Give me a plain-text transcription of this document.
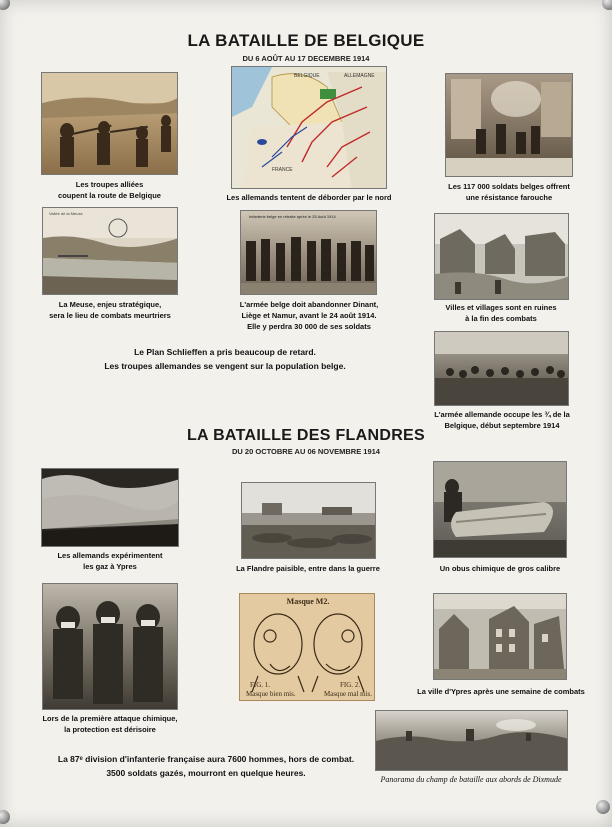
LA BATAILLE DE BELGIQUE
DU 6 AOÛT AU 17 DECEMBRE 1914
Les troupes alliées
coupent la route de Belgique
BELGIQUE	ALLEMAGNE
FRANCE
Les allemands tentent de déborder par le nord
Les 117 000 soldats belges offrent
une résistance farouche
Vallée de la Meuse
La Meuse, enjeu stratégique,
sera le lieu de combats meurtriers
Infanterie belge en retraite après le 25 Août 1914
L'armée belge doit abandonner Dinant,
Liège et Namur, avant le 24 août 1914.
Elle y perdra 30 000 de ses soldats
Villes et villages sont en ruines
à la fin des combats
Le Plan Schlieffen a pris beaucoup de retard.
Les troupes allemandes se vengent sur la population belge.
L'armée allemande occupe les ¾ de la
Belgique, début septembre 1914
LA BATAILLE DES FLANDRES
DU 20 OCTOBRE AU 06 NOVEMBRE 1914
Les allemands expérimentent
les gaz à Ypres	La Flandre paisible, entre dans la guerre	Un obus chimique de gros calibre
Lors de la première attaque chimique,
la protection est dérisoire
Masque M2.
FIG. 1.	FIG. 2.
Masque bien mis.	Masque mal mis.	La ville d'Ypres après une semaine de combats
Panorama du champ de bataille aux abords de Dixmude
La 87ᵉ division d'infanterie française aura 7600 hommes, hors de combat.
3500 soldats gazés, mourront en quelque heures.
